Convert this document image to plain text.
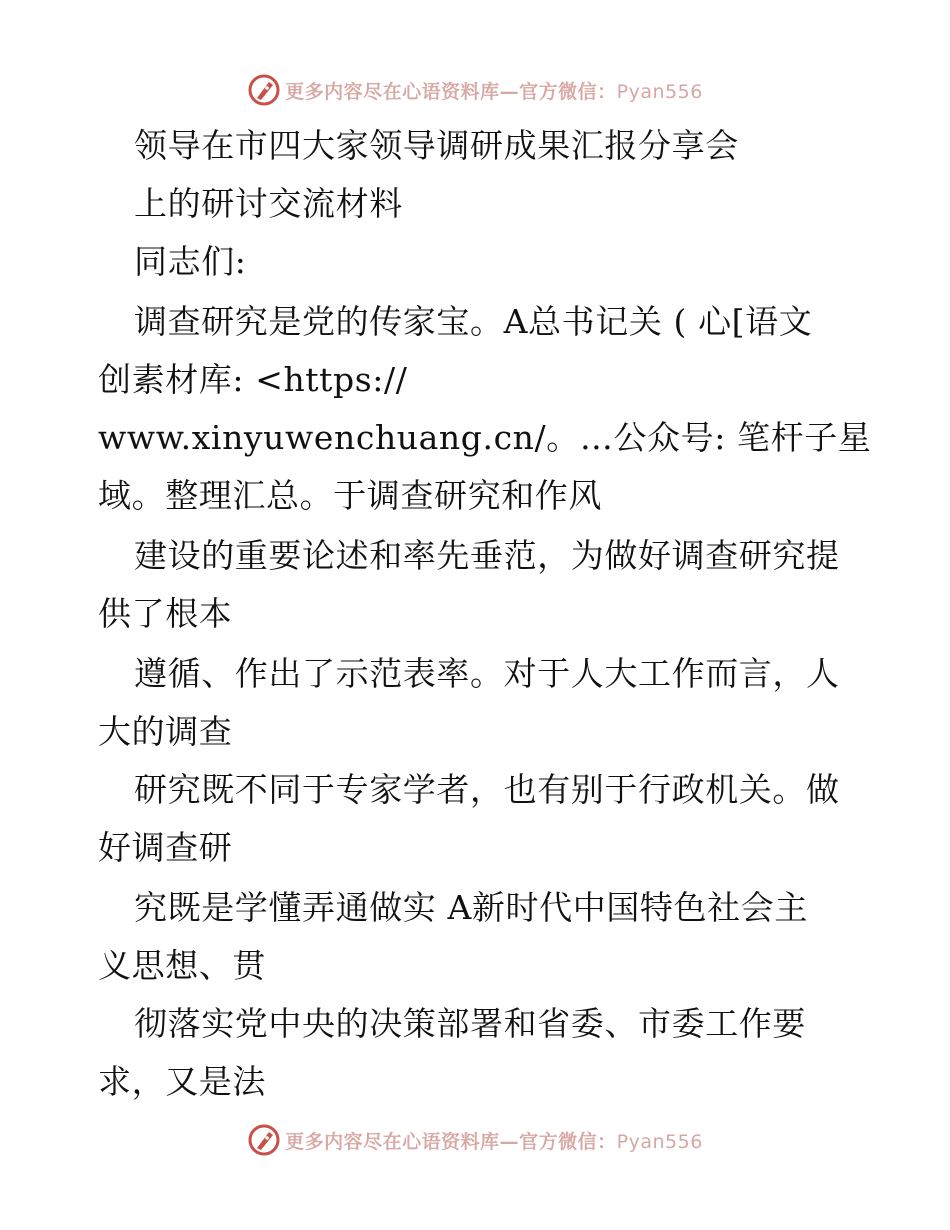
更多内容尽在心语资料库—官方微信：Pyan556
领导在市四大家领导调研成果汇报分享会
上的研讨交流材料
同志们:
调查研究是党的传家宝。A总书记关 ( 心[语文
创素材库: <https://
www.xinyuwenchuang.cn/。…公众号: 笔杆子星
域。整理汇总。于调查研究和作风
建设的重要论述和率先垂范，为做好调查研究提
供了根本
遵循、作出了示范表率。对于人大工作而言，人
大的调查
研究既不同于专家学者，也有别于行政机关。做
好调查研
究既是学懂弄通做实 A新时代中国特色社会主
义思想、贯
彻落实党中央的决策部署和省委、市委工作要
求，又是法
更多内容尽在心语资料库—官方微信：Pyan556
